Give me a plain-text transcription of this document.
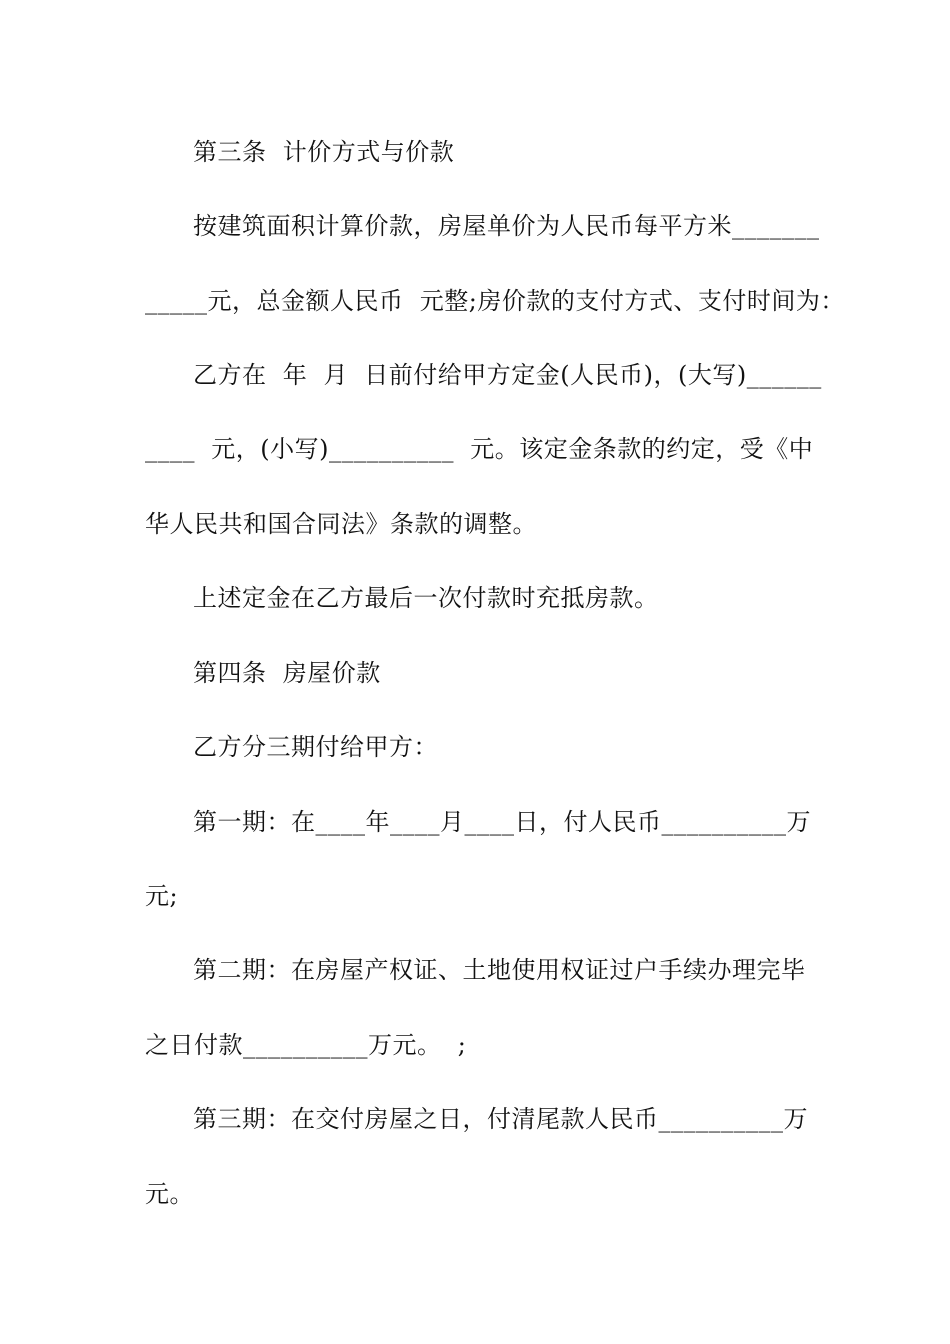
第三条  计价方式与价款
按建筑面积计算价款，房屋单价为人民币每平方米_______
_____元，总金额人民币  元整;房价款的支付方式、支付时间为：
乙方在  年  月  日前付给甲方定金(人民币)，(大写)______
____  元，(小写)__________  元。该定金条款的约定，受《中
华人民共和国合同法》条款的调整。
上述定金在乙方最后一次付款时充抵房款。
第四条  房屋价款
乙方分三期付给甲方：
第一期：在____年____月____日，付人民币__________万
元;
第二期：在房屋产权证、土地使用权证过户手续办理完毕
之日付款__________万元。  ;
第三期：在交付房屋之日，付清尾款人民币__________万
元。
